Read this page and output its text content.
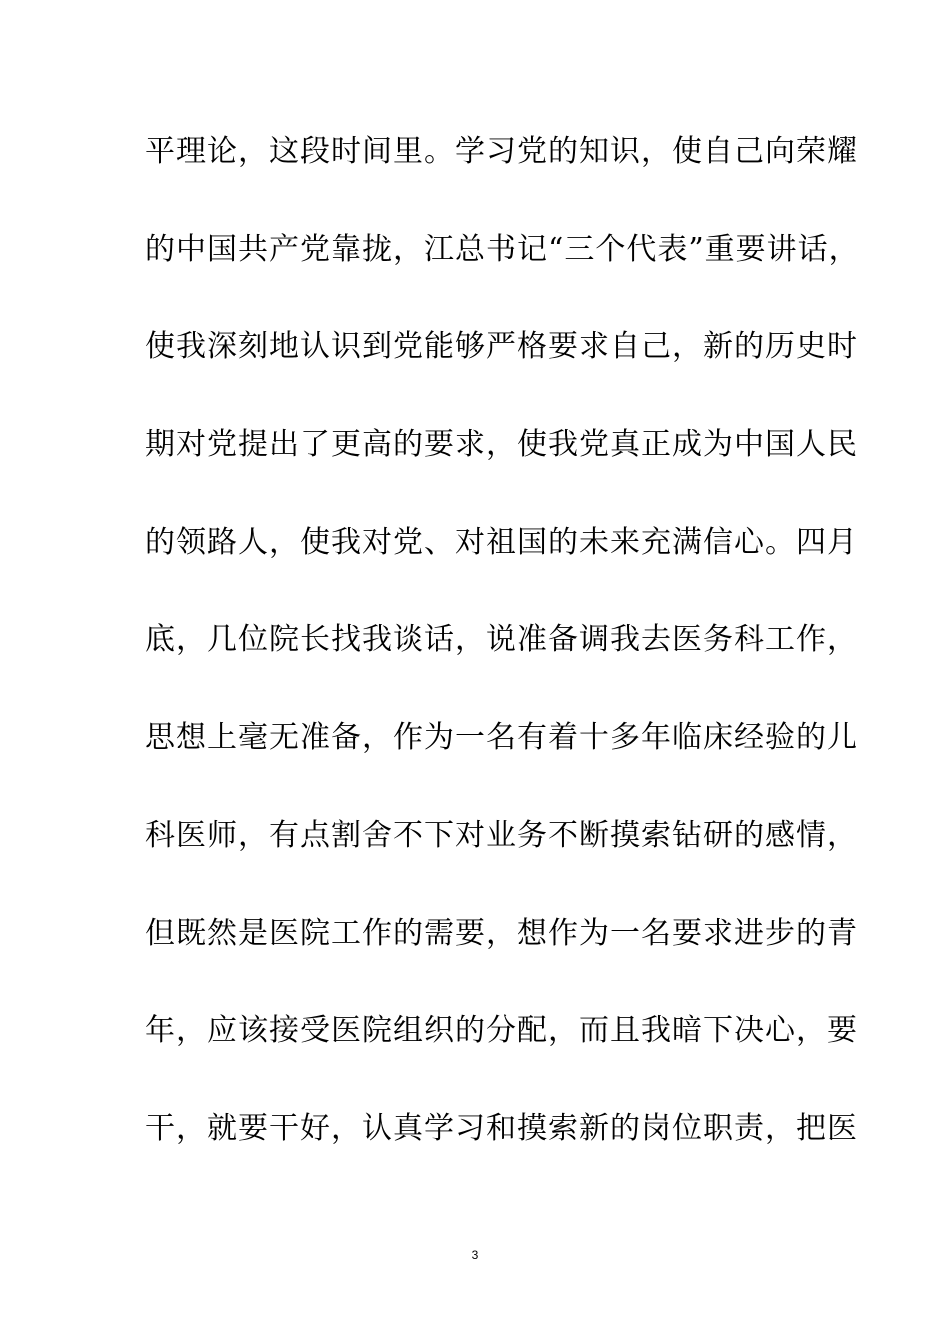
平理论，这段时间里。学习党的知识，使自己向荣耀
的中国共产党靠拢，江总书记“三个代表”重要讲话，
使我深刻地认识到党能够严格要求自己，新的历史时
期对党提出了更高的要求，使我党真正成为中国人民
的领路人，使我对党、对祖国的未来充满信心。四月
底，几位院长找我谈话，说准备调我去医务科工作，
思想上毫无准备，作为一名有着十多年临床经验的儿
科医师，有点割舍不下对业务不断摸索钻研的感情，
但既然是医院工作的需要，想作为一名要求进步的青
年，应该接受医院组织的分配，而且我暗下决心，要
干，就要干好，认真学习和摸索新的岗位职责，把医
3
